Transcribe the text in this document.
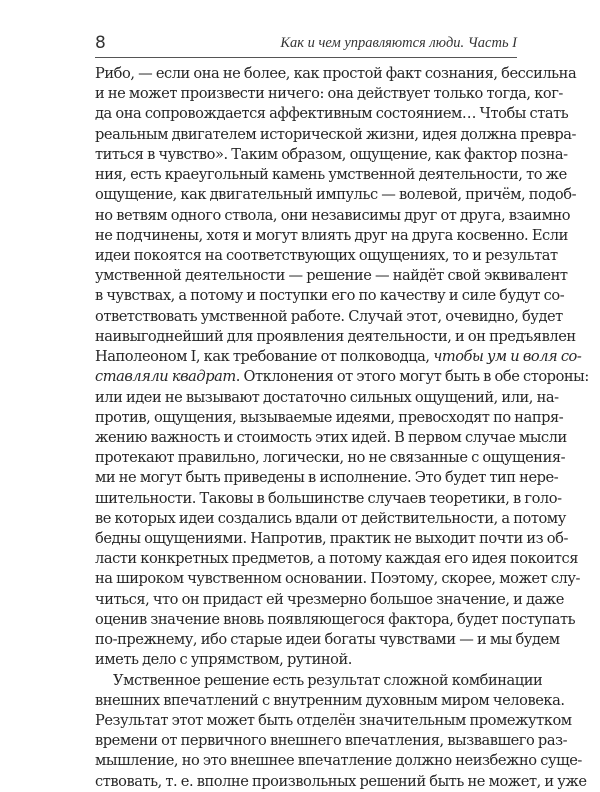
8	Как и чем управляются люди. Часть I
Рибо, — если она не более, как простой факт сознания, бессильна
и не может произвести ничего: она действует только тогда, ког-
да она сопровождается аффективным состоянием… Чтобы стать
реальным двигателем исторической жизни, идея должна превра-
титься в чувство». Таким образом, ощущение, как фактор позна-
ния, есть краеугольный камень умственной деятельности, то же
ощущение, как двигательный импульс — волевой, причём, подоб-
но ветвям одного ствола, они независимы друг от друга, взаимно
не подчинены, хотя и могут влиять друг на друга косвенно. Если
идеи покоятся на соответствующих ощущениях, то и результат
умственной деятельности — решение — найдёт свой эквивалент
в чувствах, а потому и поступки его по качеству и силе будут со-
ответствовать умственной работе. Случай этот, очевидно, будет
наивыгоднейший для проявления деятельности, и он предъявлен
Наполеоном I, как требование от полководца, чтобы ум и воля со-
ставляли квадрат. Отклонения от этого могут быть в обе стороны:
или идеи не вызывают достаточно сильных ощущений, или, на-
против, ощущения, вызываемые идеями, превосходят по напря-
жению важность и стоимость этих идей. В первом случае мысли
протекают правильно, логически, но не связанные с ощущения-
ми не могут быть приведены в исполнение. Это будет тип нере-
шительности. Таковы в большинстве случаев теоретики, в голо-
ве которых идеи создались вдали от действительности, а потому
бедны ощущениями. Напротив, практик не выходит почти из об-
ласти конкретных предметов, а потому каждая его идея покоится
на широком чувственном основании. Поэтому, скорее, может слу-
читься, что он придаст ей чрезмерно большое значение, и даже
оценив значение вновь появляющегося фактора, будет поступать
по-прежнему, ибо старые идеи богаты чувствами — и мы будем
иметь дело с упрямством, рутиной.
Умственное решение есть результат сложной комбинации
внешних впечатлений с внутренним духовным миром человека.
Результат этот может быть отделён значительным промежутком
времени от первичного внешнего впечатления, вызвавшего раз-
мышление, но это внешнее впечатление должно неизбежно суще-
ствовать, т. е. вполне произвольных решений быть не может, и уже
